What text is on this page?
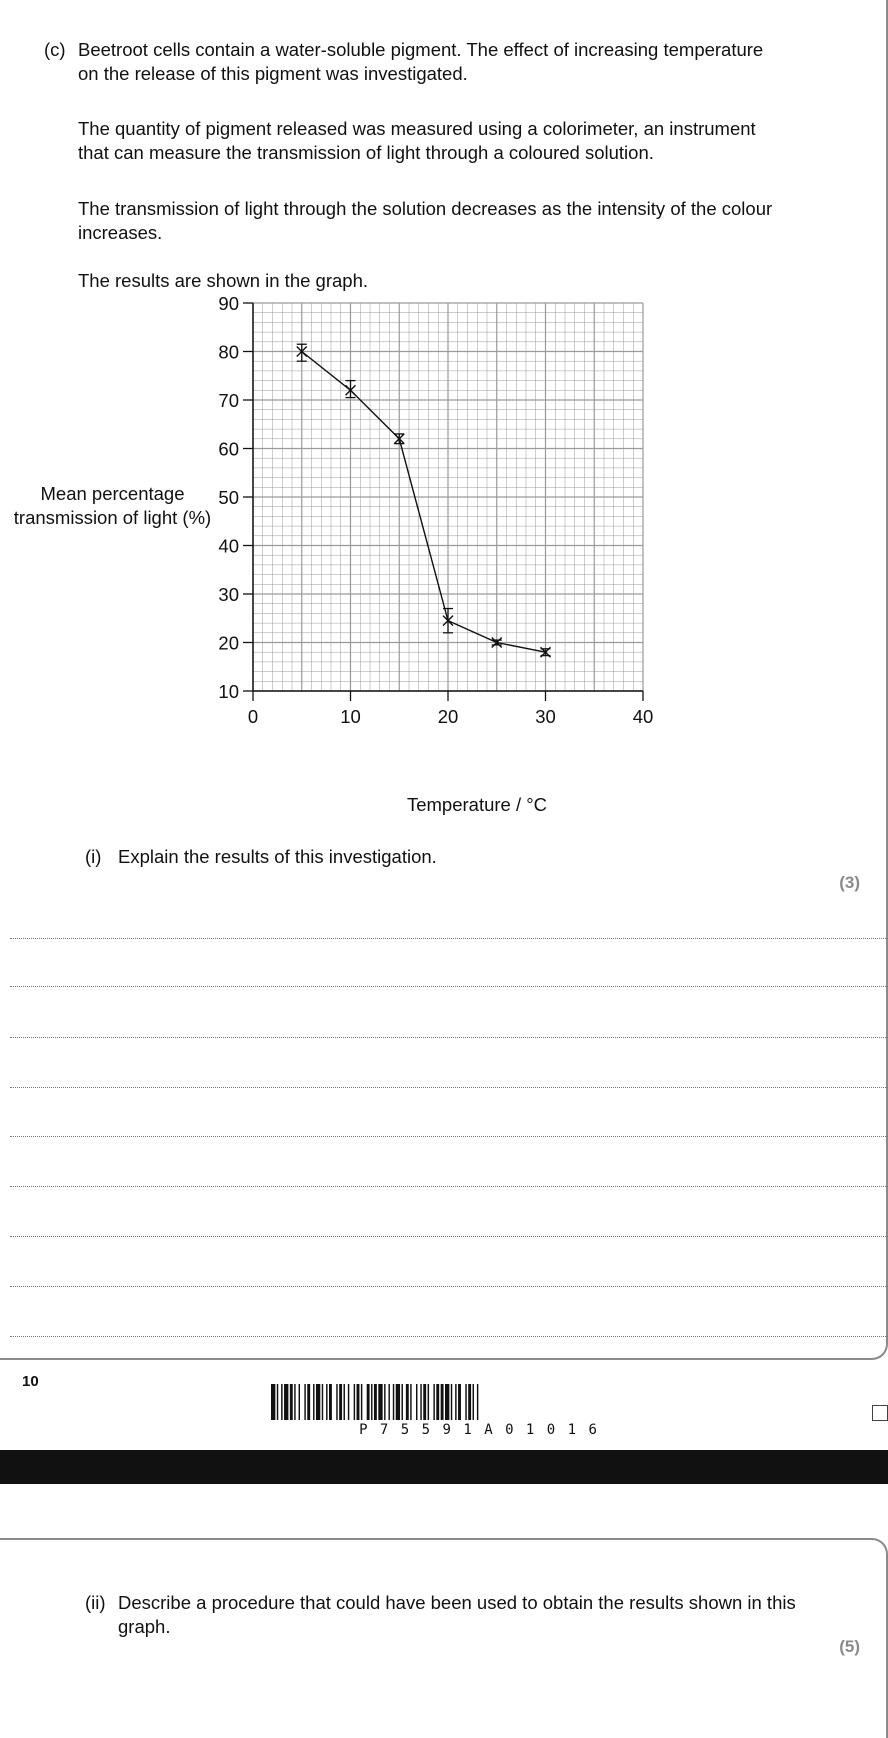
(c) Beetroot cells contain a water-soluble pigment. The effect of increasing temperature on the release of this pigment was investigated.

The quantity of pigment released was measured using a colorimeter, an instrument that can measure the transmission of light through a coloured solution.

The transmission of light through the solution decreases as the intensity of the colour increases.

The results are shown in the graph.

Mean percentage transmission of light (%)
10
20
30
40
50
60
70
80
90
0	10	20	30	40
Temperature / °C
(i) Explain the results of this investigation.
(3)
10
P 7 5 5 9 1 A 0 1 0 1 6
(ii) Describe a procedure that could have been used to obtain the results shown in this graph.
(5)
